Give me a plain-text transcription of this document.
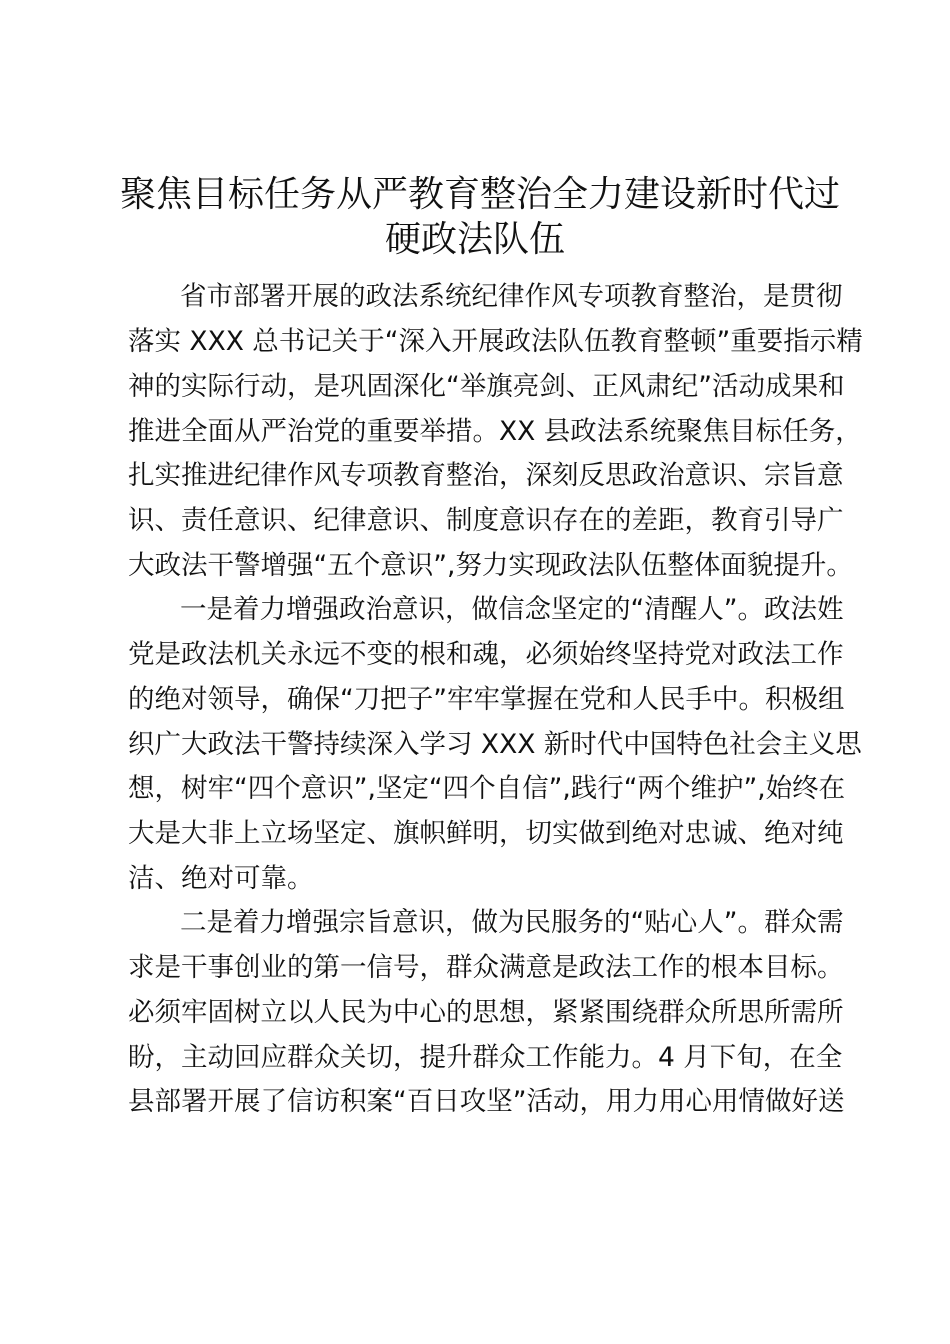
聚焦目标任务从严教育整治全力建设新时代过
硬政法队伍

省市部署开展的政法系统纪律作风专项教育整治，是贯彻

落实 XXX 总书记关于“深入开展政法队伍教育整顿”重要指示精

神的实际行动，是巩固深化“举旗亮剑、正风肃纪”活动成果和

推进全面从严治党的重要举措。XX 县政法系统聚焦目标任务，

扎实推进纪律作风专项教育整治，深刻反思政治意识、宗旨意

识、责任意识、纪律意识、制度意识存在的差距，教育引导广

大政法干警增强“五个意识”,努力实现政法队伍整体面貌提升。

一是着力增强政治意识，做信念坚定的“清醒人”。政法姓

党是政法机关永远不变的根和魂，必须始终坚持党对政法工作

的绝对领导，确保“刀把子”牢牢掌握在党和人民手中。积极组

织广大政法干警持续深入学习 XXX 新时代中国特色社会主义思

想，树牢“四个意识”,坚定“四个自信”,践行“两个维护”,始终在

大是大非上立场坚定、旗帜鲜明，切实做到绝对忠诚、绝对纯

洁、绝对可靠。

二是着力增强宗旨意识，做为民服务的“贴心人”。群众需

求是干事创业的第一信号，群众满意是政法工作的根本目标。

必须牢固树立以人民为中心的思想，紧紧围绕群众所思所需所

盼，主动回应群众关切，提升群众工作能力。4 月下旬，在全

县部署开展了信访积案“百日攻坚”活动，用力用心用情做好送
